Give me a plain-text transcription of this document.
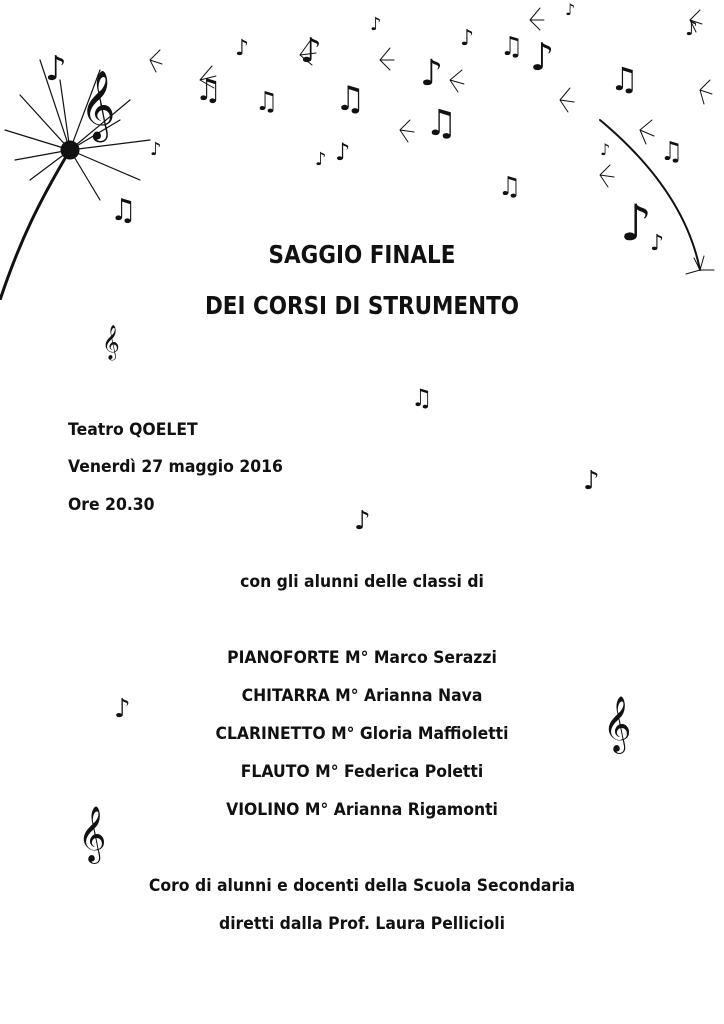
𝄞
♪	♪
♪
♫ ♫ ♫
♪
♫
♪
♪ ♫ ♪
♪
♪ ♪
♫
♫
♫
♪
♪
♪ ♫
♪
♪
𝄞
♫
♪
♪
♪	𝄞
𝄞
SAGGIO FINALE
DEI CORSI DI STRUMENTO
Teatro QOELET
Venerdì 27 maggio 2016
Ore 20.30
con gli alunni delle classi di
PIANOFORTE M° Marco Serazzi
CHITARRA M° Arianna Nava
CLARINETTO M° Gloria Maffioletti
FLAUTO M° Federica Poletti
VIOLINO M° Arianna Rigamonti
Coro di alunni e docenti della Scuola Secondaria
diretti dalla Prof. Laura Pellicioli
